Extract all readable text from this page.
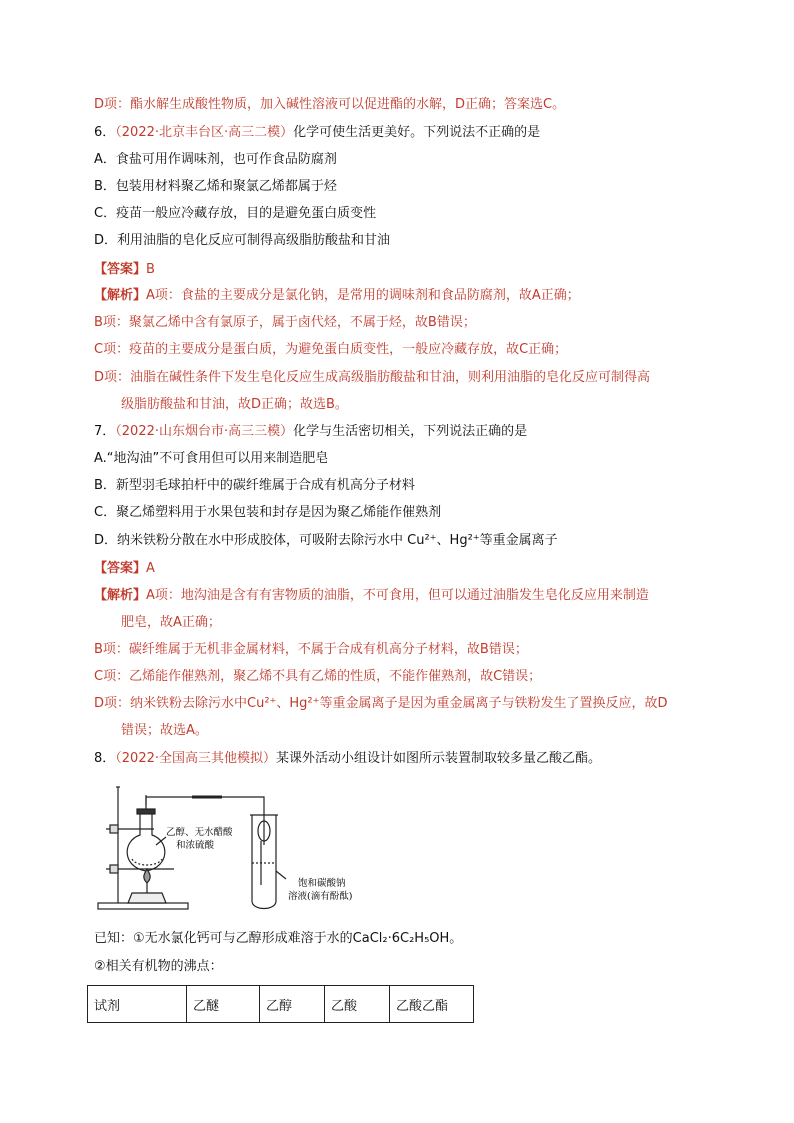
D项：酯水解生成酸性物质，加入碱性溶液可以促进酯的水解，D正确；答案选C。
6．（2022·北京丰台区·高三二模）化学可使生活更美好。下列说法不正确的是
A．食盐可用作调味剂，也可作食品防腐剂
B．包装用材料聚乙烯和聚氯乙烯都属于烃
C．疫苗一般应冷藏存放，目的是避免蛋白质变性
D．利用油脂的皂化反应可制得高级脂肪酸盐和甘油
【答案】B
【解析】A项：食盐的主要成分是氯化钠，是常用的调味剂和食品防腐剂，故A正确；
B项：聚氯乙烯中含有氯原子，属于卤代烃，不属于烃，故B错误；
C项：疫苗的主要成分是蛋白质，为避免蛋白质变性，一般应冷藏存放，故C正确；
D项：油脂在碱性条件下发生皂化反应生成高级脂肪酸盐和甘油，则利用油脂的皂化反应可制得高
级脂肪酸盐和甘油，故D正确；故选B。
7．（2022·山东烟台市·高三三模）化学与生活密切相关，下列说法正确的是
A.“地沟油”不可食用但可以用来制造肥皂
B．新型羽毛球拍杆中的碳纤维属于合成有机高分子材料
C．聚乙烯塑料用于水果包装和封存是因为聚乙烯能作催熟剂
D．纳米铁粉分散在水中形成胶体，可吸附去除污水中 Cu²⁺、Hg²⁺等重金属离子
【答案】A
【解析】A项：地沟油是含有有害物质的油脂，不可食用，但可以通过油脂发生皂化反应用来制造
肥皂，故A正确；
B项：碳纤维属于无机非金属材料，不属于合成有机高分子材料，故B错误；
C项：乙烯能作催熟剂，聚乙烯不具有乙烯的性质，不能作催熟剂，故C错误；
D项：纳米铁粉去除污水中Cu²⁺、Hg²⁺等重金属离子是因为重金属离子与铁粉发生了置换反应，故D
错误；故选A。
8．（2022·全国高三其他模拟）某课外活动小组设计如图所示装置制取较多量乙酸乙酯。
乙醇、无水醋酸
和浓硫酸
饱和碳酸钠
溶液(滴有酚酞)
已知：①无水氯化钙可与乙醇形成难溶于水的CaCl₂·6C₂H₅OH。
②相关有机物的沸点：
试剂	乙醚	乙醇	乙酸	乙酸乙酯
